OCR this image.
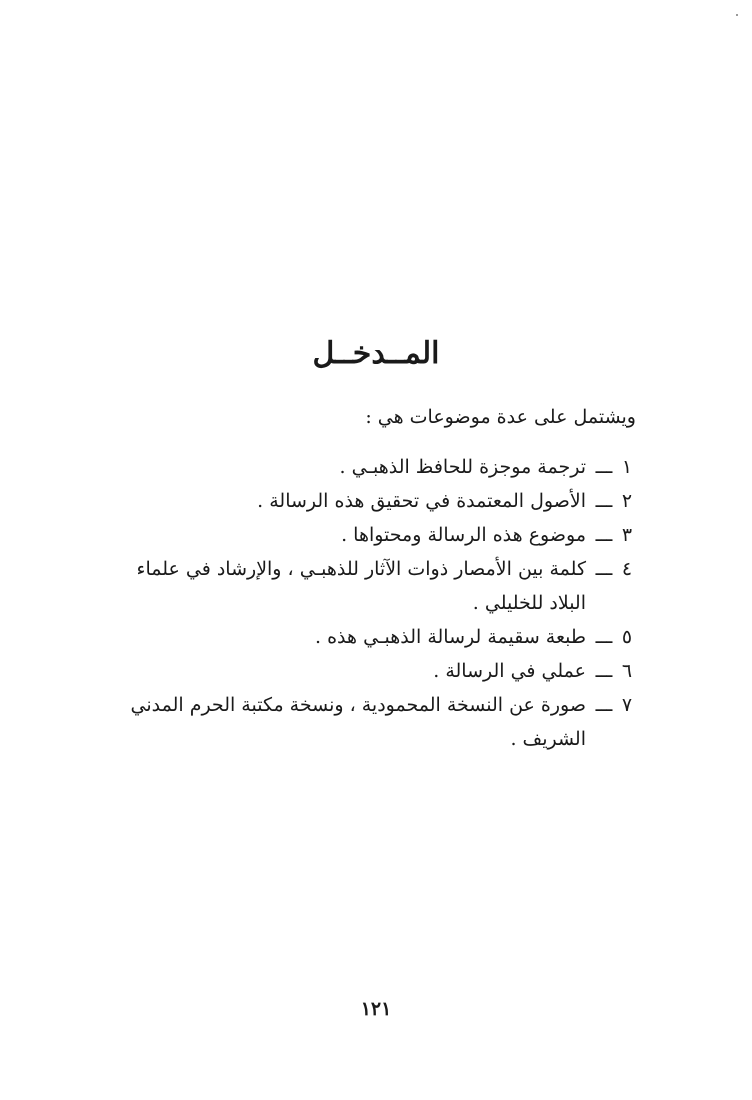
المــدخــل
ويشتمل على عدة موضوعات هي :
١
ـــ
ترجمة موجزة للحافظ الذهبـي .
٢
ـــ
الأصول المعتمدة في تحقيق هذه الرسالة .
٣
ـــ
موضوع هذه الرسالة ومحتواها .
٤
ـــ
كلمة بين الأمصار ذوات الآثار للذهبـي ، والإرشاد في علماء البلاد للخليلي .
٥
ـــ
طبعة سقيمة لرسالة الذهبـي هذه .
٦
ـــ
عملي في الرسالة .
٧
ـــ
صورة عن النسخة المحمودية ، ونسخة مكتبة الحرم المدني الشريف .
١٢١
